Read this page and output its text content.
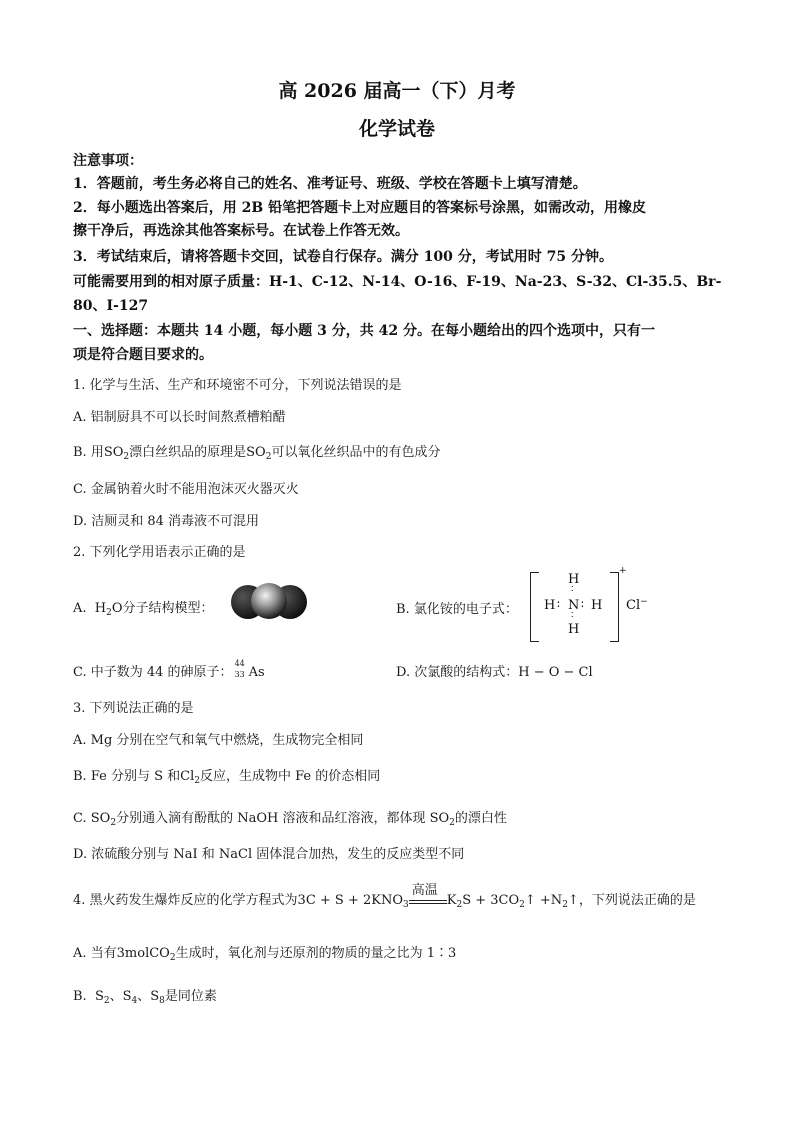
高 2026 届高一（下）月考
化学试卷
注意事项：
1．答题前，考生务必将自己的姓名、准考证号、班级、学校在答题卡上填写清楚。
2．每小题选出答案后，用 2B 铅笔把答题卡上对应题目的答案标号涂黑，如需改动，用橡皮
擦干净后，再选涂其他答案标号。在试卷上作答无效。
3．考试结束后，请将答题卡交回，试卷自行保存。满分 100 分，考试用时 75 分钟。
可能需要用到的相对原子质量：H-1、C-12、N-14、O-16、F-19、Na-23、S-32、Cl-35.5、Br-
80、I-127
一、选择题：本题共 14 小题，每小题 3 分，共 42 分。在每小题给出的四个选项中，只有一
项是符合题目要求的。
1. 化学与生活、生产和环境密不可分，下列说法错误的是
A. 铝制厨具不可以长时间熬煮槽粕醋
B. 用$SO_2$漂白丝织品的原理是$SO_2$可以氧化丝织品中的有色成分
C. 金属钠着火时不能用泡沫灭火器灭火
D. 洁厕灵和 84 消毒液不可混用
2. 下列化学用语表示正确的是
A. $H_2O$分子结构模型：	B. 氯化铵的电子式：
H
∶
H ∶ N ∶ H
∶
H
+
Cl−
C. 中子数为 44 的砷原子：
44
33 As	D. 次氯酸的结构式：H − O − Cl
3. 下列说法正确的是
A. Mg 分别在空气和氧气中燃烧，生成物完全相同
B. Fe 分别与 S 和$Cl_2$反应，生成物中 Fe 的价态相同
C. $SO_2$分别通入滴有酚酞的 NaOH 溶液和品红溶液，都体现 $SO_2$的漂白性
D. 浓硫酸分别与 NaI 和 NaCl 固体混合加热，发生的反应类型不同
4. 黑火药发生爆炸反应的化学方程式为$3C + S + 2KNO_3$
高温
$K_2S$ + $3CO_2↑$ $+N_2↑$，下列说法正确的是
A. 当有3molCO$_2$生成时，氧化剂与还原剂的物质的量之比为 1∶3
B. $S_2$、$S_4$、$S_8$是同位素
